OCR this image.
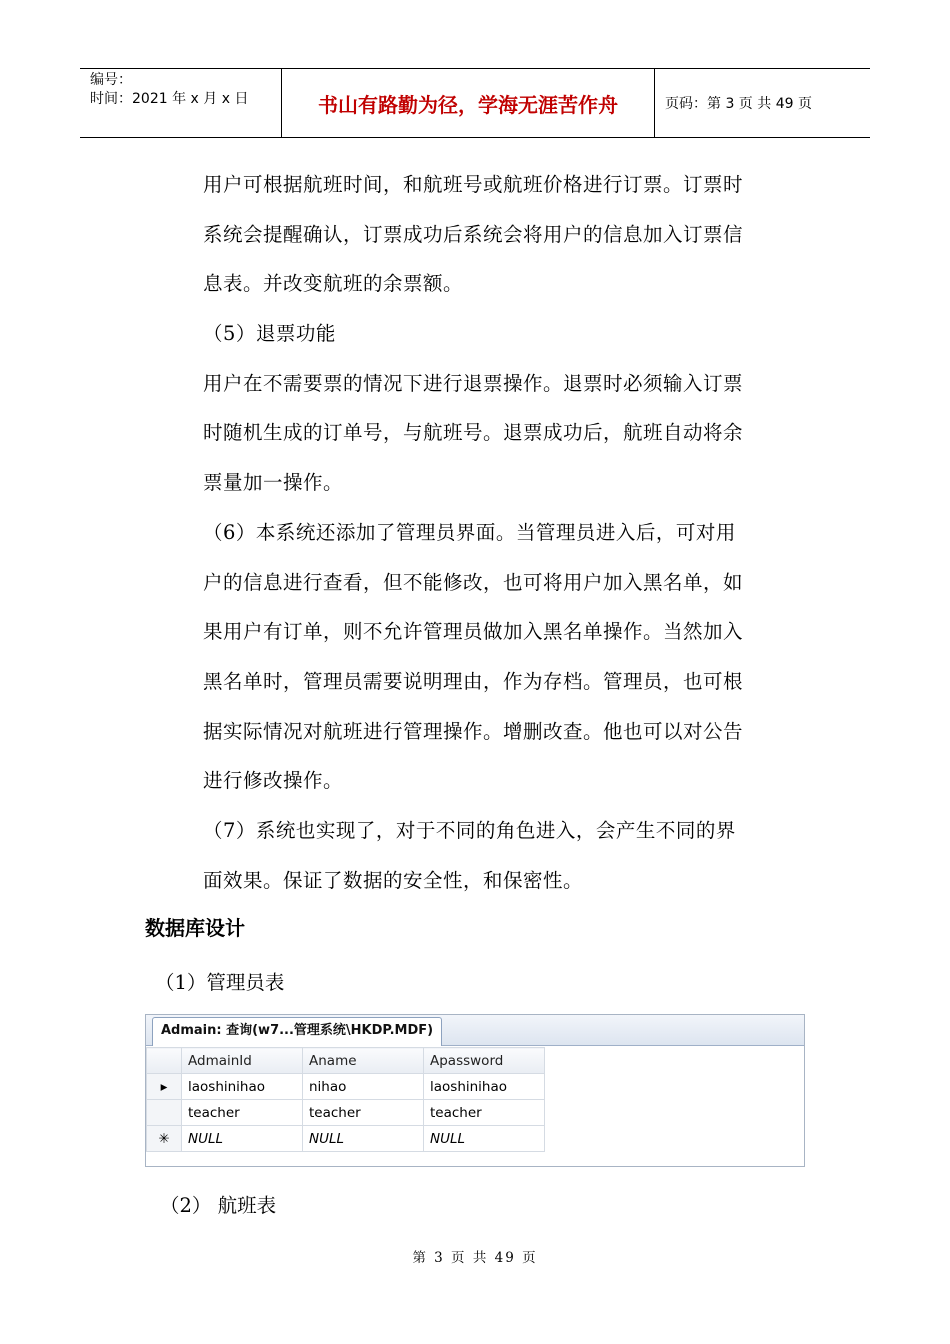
编号：
时间：2021 年 x 月 x 日	书山有路勤为径，学海无涯苦作舟	页码：第 3 页 共 49 页
用户可根据航班时间，和航班号或航班价格进行订票。订票时
系统会提醒确认，订票成功后系统会将用户的信息加入订票信
息表。并改变航班的余票额。
（5）退票功能
用户在不需要票的情况下进行退票操作。退票时必须输入订票
时随机生成的订单号，与航班号。退票成功后，航班自动将余
票量加一操作。
（6）本系统还添加了管理员界面。当管理员进入后，可对用
户的信息进行查看，但不能修改，也可将用户加入黑名单，如
果用户有订单，则不允许管理员做加入黑名单操作。当然加入
黑名单时，管理员需要说明理由，作为存档。管理员，也可根
据实际情况对航班进行管理操作。增删改查。他也可以对公告
进行修改操作。
（7）系统也实现了，对于不同的角色进入，会产生不同的界
面效果。保证了数据的安全性，和保密性。
数据库设计
（1）管理员表
Admain: 查询(w7...管理系统\HKDP.MDF)
	AdmainId	Aname	Apassword
▸	laoshinihao	nihao	laoshinihao
	teacher	teacher	teacher
✳	NULL	NULL	NULL
（2） 航班表
第 3 页 共 49 页
